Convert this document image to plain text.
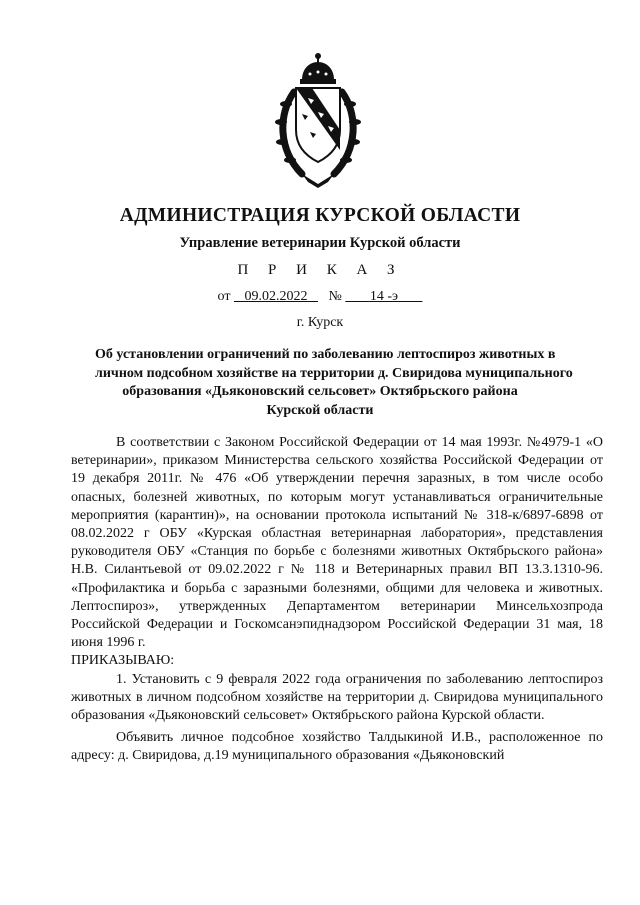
АДМИНИСТРАЦИЯ КУРСКОЙ ОБЛАСТИ
Управление ветеринарии Курской области
П Р И К А З
от 09.02.2022 № 14 -э
г. Курск
Об установлении ограничений по заболеванию лептоспироз животных в
личном подсобном хозяйстве на территории д. Свиридова муниципального
образования «Дьяконовский сельсовет» Октябрьского района
Курской области

В соответствии с Законом Российской Федерации от 14 мая 1993г. №4979-1 «О ветеринарии», приказом Министерства сельского хозяйства Российской Федерации от 19 декабря 2011г. № 476 «Об утверждении перечня заразных, в том числе особо опасных, болезней животных, по которым могут устанавливаться ограничительные мероприятия (карантин)», на основании протокола испытаний № 318-к/6897-6898 от 08.02.2022 г ОБУ «Курская областная ветеринарная лаборатория», представления руководителя ОБУ «Станция по борьбе с болезнями животных Октябрьского района» Н.В. Силантьевой от 09.02.2022 г № 118 и Ветеринарных правил ВП 13.3.1310-96. «Профилактика и борьба с заразными болезнями, общими для человека и животных. Лептоспироз», утвержденных Департаментом ветеринарии Минсельхозпрода Российской Федерации и Госкомсанэпиднадзором Российской Федерации 31 мая, 18 июня 1996 г.

ПРИКАЗЫВАЮ:

1. Установить с 9 февраля 2022 года ограничения по заболеванию лептоспироз животных в личном подсобном хозяйстве на территории д. Свиридова муниципального образования «Дьяконовский сельсовет» Октябрьского района Курской области.

Объявить личное подсобное хозяйство Талдыкиной И.В., расположенное по адресу: д. Свиридова, д.19 муниципального образования «Дьяконовский
